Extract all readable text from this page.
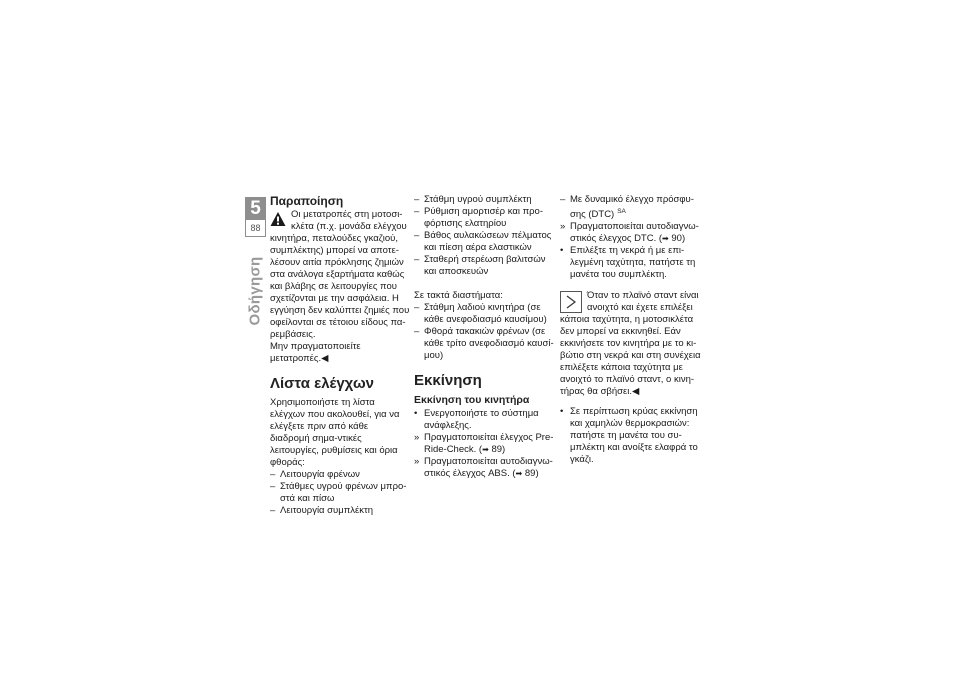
5
88
Οδήγηση
Παραποίηση

Οι μετατροπές στη μοτοσι-κλέτα (π.χ. μονάδα ελέγχου κινητήρα, πεταλούδες γκαζιού, συμπλέκτης) μπορεί να αποτε-λέσουν αιτία πρόκλησης ζημιών στα ανάλογα εξαρτήματα καθώς και βλάβης σε λειτουργίες που σχετίζονται με την ασφάλεια. Η εγγύηση δεν καλύπτει ζημιές που οφείλονται σε τέτοιου είδους πα-ρεμβάσεις.

Μην πραγματοποιείτε μετατροπές.◀

Λίστα ελέγχων

Χρησιμοποιήστε τη λίστα ελέγχων που ακολουθεί, για να ελέγξετε πριν από κάθε διαδρομή σημα-ντικές λειτουργίες, ρυθμίσεις και όρια φθοράς:

– Λειτουργία φρένων
– Στάθμες υγρού φρένων μπρο-στά και πίσω
– Λειτουργία συμπλέκτη
– Στάθμη υγρού συμπλέκτη
– Ρύθμιση αμορτισέρ και προ-φόρτισης ελατηρίου
– Βάθος αυλακώσεων πέλματος και πίεση αέρα ελαστικών
– Σταθερή στερέωση βαλιτσών και αποσκευών

Σε τακτά διαστήματα:

– Στάθμη λαδιού κινητήρα (σε κάθε ανεφοδιασμό καυσίμου)
– Φθορά τακακιών φρένων (σε κάθε τρίτο ανεφοδιασμό καυσί-μου)
Εκκίνηση
Εκκίνηση του κινητήρα
• Ενεργοποιήστε το σύστημα ανάφλεξης.
» Πραγματοποιείται έλεγχος Pre-Ride-Check. (➡ 89)
» Πραγματοποιείται αυτοδιαγνω-στικός έλεγχος ABS. (➡ 89)
– Με δυναμικό έλεγχο πρόσφυ-σης (DTC) $^{SA}$
» Πραγματοποιείται αυτοδιαγνω-στικός έλεγχος DTC. (➡ 90)
• Επιλέξτε τη νεκρά ή με επι-λεγμένη ταχύτητα, πατήστε τη μανέτα του συμπλέκτη.

Όταν το πλαϊνό σταντ είναι ανοιχτό και έχετε επιλέξει κάποια ταχύτητα, η μοτοσικλέτα δεν μπορεί να εκκινηθεί. Εάν εκκινήσετε τον κινητήρα με το κι-βώτιο στη νεκρά και στη συνέχεια επιλέξετε κάποια ταχύτητα με ανοιχτό το πλαϊνό σταντ, ο κινη-τήρας θα σβήσει.◀

• Σε περίπτωση κρύας εκκίνηση και χαμηλών θερμοκρασιών: πατήστε τη μανέτα του συ-μπλέκτη και ανοίξτε ελαφρά το γκάζι.
